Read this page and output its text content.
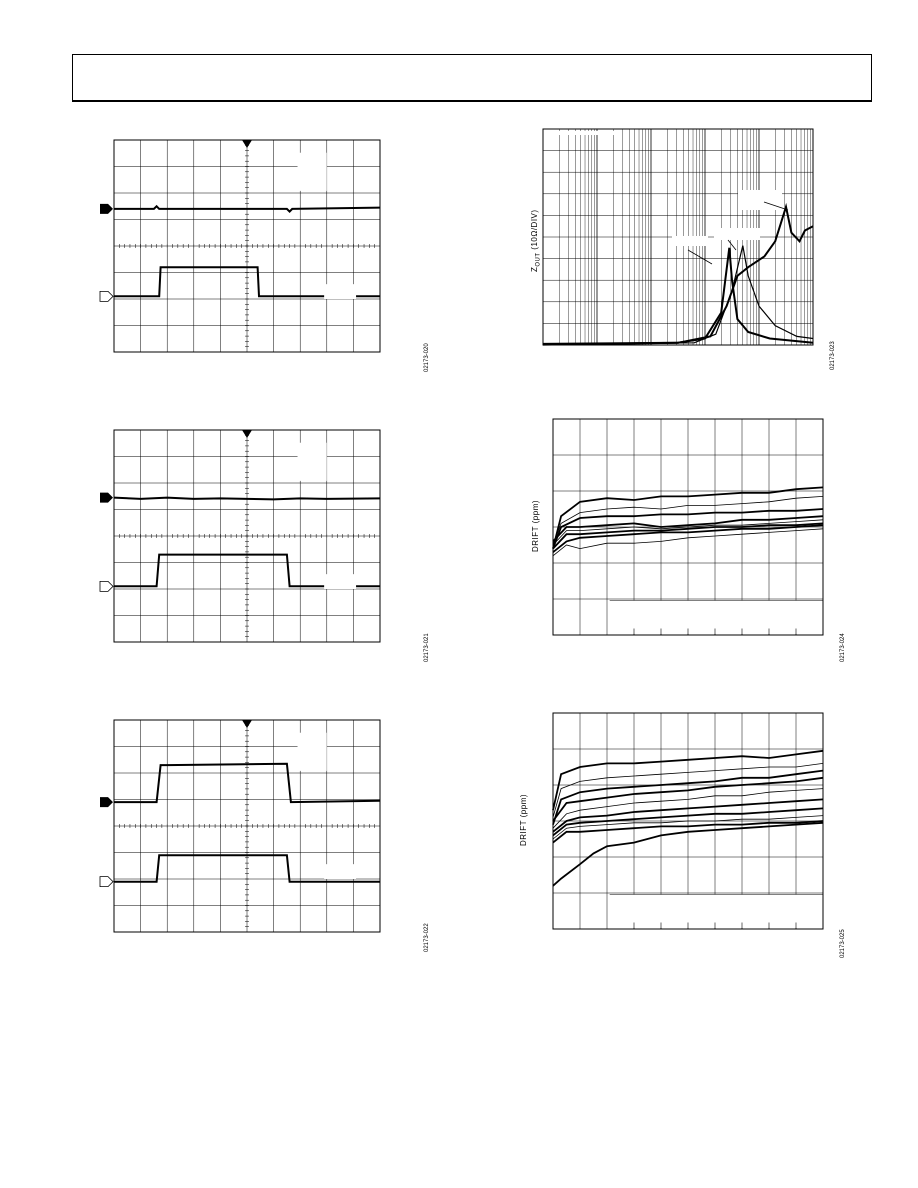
02173-020
02173-021
02173-022
$Z_{OUT}$ (10Ω/DIV)
02173-023
DRIFT (ppm)
02173-024
DRIFT (ppm)
02173-025
